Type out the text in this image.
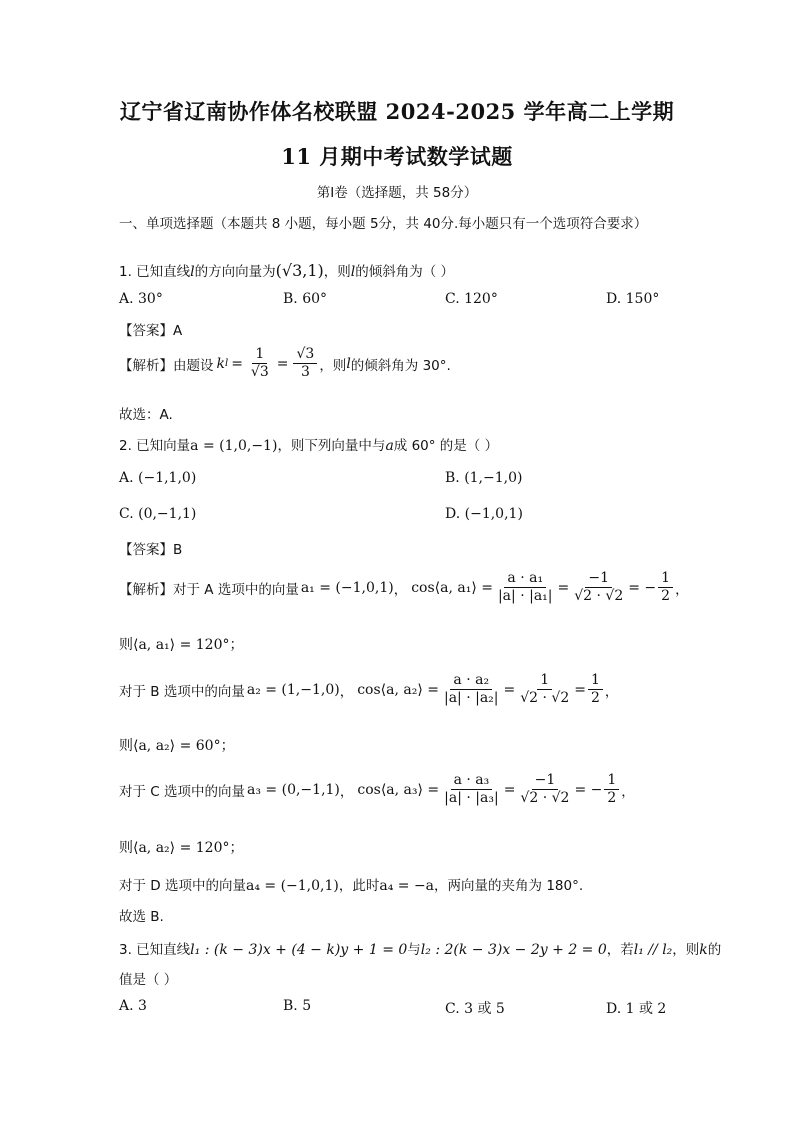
辽宁省辽南协作体名校联盟 2024-2025 学年高二上学期
11 月期中考试数学试题
第Ⅰ卷（选择题，共 58分）
一、单项选择题（本题共 8 小题，每小题 5分，共 40分.每小题只有一个选项符合要求）
1. 已知直线l的方向向量为(√3,1)，则l的倾斜角为（ ）
A. 30°	B. 60°	C. 120°	D. 150°
【答案】A
【解析】 由题设 k $l = \frac{1}{√3} = \frac{√3}{3}$ ，则 l 的倾斜角为 30°.
故选：A.
2. 已知向量a = (1,0,−1)，则下列向量中与a成 60° 的是（ ）
A. (−1,1,0)	B. (1,−1,0)
C. (0,−1,1)	D. (−1,0,1)
【答案】B
【解析】 对于 A 选项中的向量 a₁ = (−1,0,1) ， cos⟨a, a₁⟩ = $\frac{\text{a · a₁}}{\text{|a| · |a₁|}} = \frac{-1}{√2 \cdot √2}$ = − $\frac{1}{2}$ ，
则⟨a, a₁⟩ = 120°；
对于 B 选项中的向量 a₂ = (1,−1,0) ， cos⟨a, a₂⟩ = $\frac{\text{a · a₂}}{\text{|a| · |a₂|}} = \frac{1}{√2 \cdot √2} = \frac{1}{2}$ ，
则⟨a, a₂⟩ = 60°；
对于 C 选项中的向量 a₃ = (0,−1,1) ， cos⟨a, a₃⟩ = $\frac{\text{a · a₃}}{\text{|a| · |a₃|}} = \frac{-1}{√2 \cdot √2}$ = − $\frac{1}{2}$ ，
则⟨a, a₂⟩ = 120°；
对于 D 选项中的向量a₄ = (−1,0,1)，此时a₄ = −a，两向量的夹角为 180°.
故选 B.
3. 已知直线l₁ : (k − 3)x + (4 − k)y + 1 = 0与l₂ : 2(k − 3)x − 2y + 2 = 0，若l₁ // l₂，则k的
值是（ ）
A. 3	B. 5	C. 3 或 5	D. 1 或 2
